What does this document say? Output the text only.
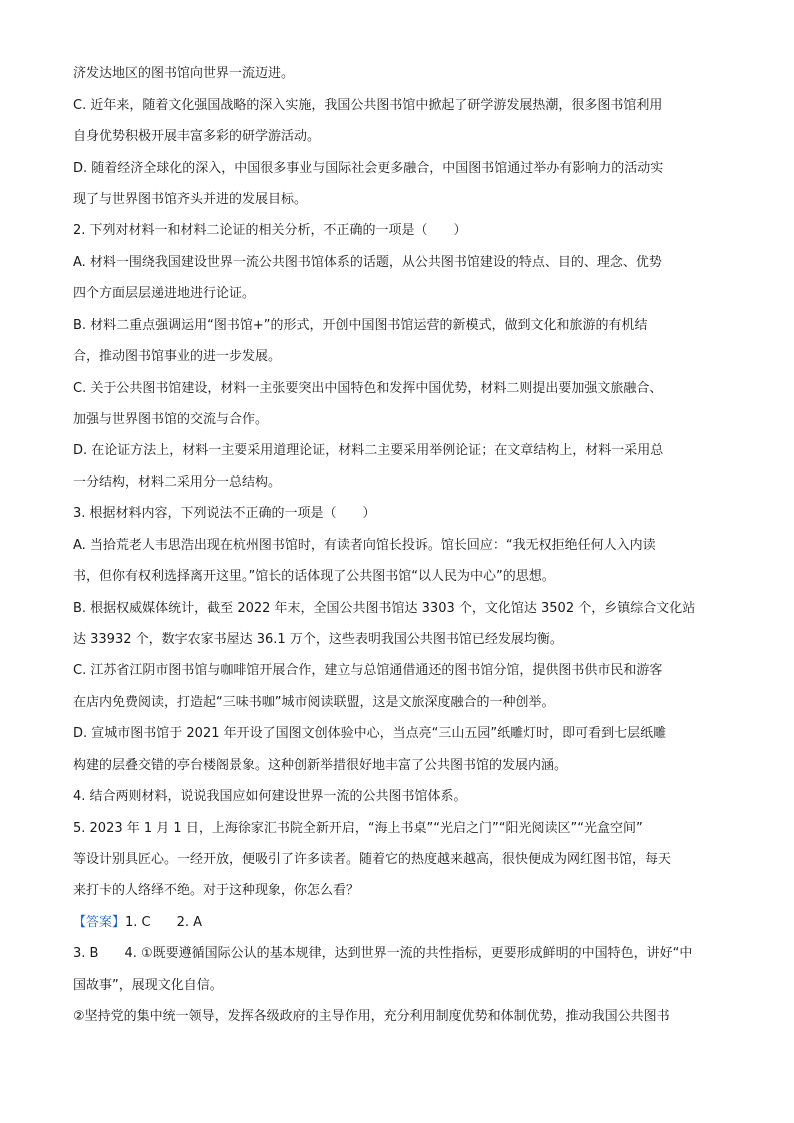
济发达地区的图书馆向世界一流迈进。
C. 近年来，随着文化强国战略的深入实施，我国公共图书馆中掀起了研学游发展热潮，很多图书馆利用
自身优势积极开展丰富多彩的研学游活动。
D. 随着经济全球化的深入，中国很多事业与国际社会更多融合，中国图书馆通过举办有影响力的活动实
现了与世界图书馆齐头并进的发展目标。
2. 下列对材料一和材料二论证的相关分析，不正确的一项是（　　）
A. 材料一围绕我国建设世界一流公共图书馆体系的话题，从公共图书馆建设的特点、目的、理念、优势
四个方面层层递进地进行论证。
B. 材料二重点强调运用“图书馆+”的形式，开创中国图书馆运营的新模式，做到文化和旅游的有机结
合，推动图书馆事业的进一步发展。
C. 关于公共图书馆建设，材料一主张要突出中国特色和发挥中国优势，材料二则提出要加强文旅融合、
加强与世界图书馆的交流与合作。
D. 在论证方法上，材料一主要采用道理论证，材料二主要采用举例论证；在文章结构上，材料一采用总
一分结构，材料二采用分一总结构。
3. 根据材料内容，下列说法不正确的一项是（　　）
A. 当拾荒老人韦思浩出现在杭州图书馆时，有读者向馆长投诉。馆长回应：“我无权拒绝任何人入内读
书，但你有权利选择离开这里。”馆长的话体现了公共图书馆“以人民为中心”的思想。
B. 根据权威媒体统计，截至 2022 年末，全国公共图书馆达 3303 个，文化馆达 3502 个，乡镇综合文化站
达 33932 个，数字农家书屋达 36.1 万个，这些表明我国公共图书馆已经发展均衡。
C. 江苏省江阴市图书馆与咖啡馆开展合作，建立与总馆通借通还的图书馆分馆，提供图书供市民和游客
在店内免费阅读，打造起“三味书咖”城市阅读联盟，这是文旅深度融合的一种创举。
D. 宣城市图书馆于 2021 年开设了国图文创体验中心，当点亮“三山五园”纸雕灯时，即可看到七层纸雕
构建的层叠交错的亭台楼阁景象。这种创新举措很好地丰富了公共图书馆的发展内涵。
4. 结合两则材料，说说我国应如何建设世界一流的公共图书馆体系。
5. 2023 年 1 月 1 日，上海徐家汇书院全新开启，“海上书桌”“光启之门”“阳光阅读区”“光盒空间”
等设计别具匠心。一经开放，便吸引了许多读者。随着它的热度越来越高，很快便成为网红图书馆，每天
来打卡的人络绎不绝。对于这种现象，你怎么看？
【答案】1. C 2. A
3. B 4. ①既要遵循国际公认的基本规律，达到世界一流的共性指标，更要形成鲜明的中国特色，讲好“中
国故事”，展现文化自信。
②坚持党的集中统一领导，发挥各级政府的主导作用，充分利用制度优势和体制优势，推动我国公共图书
